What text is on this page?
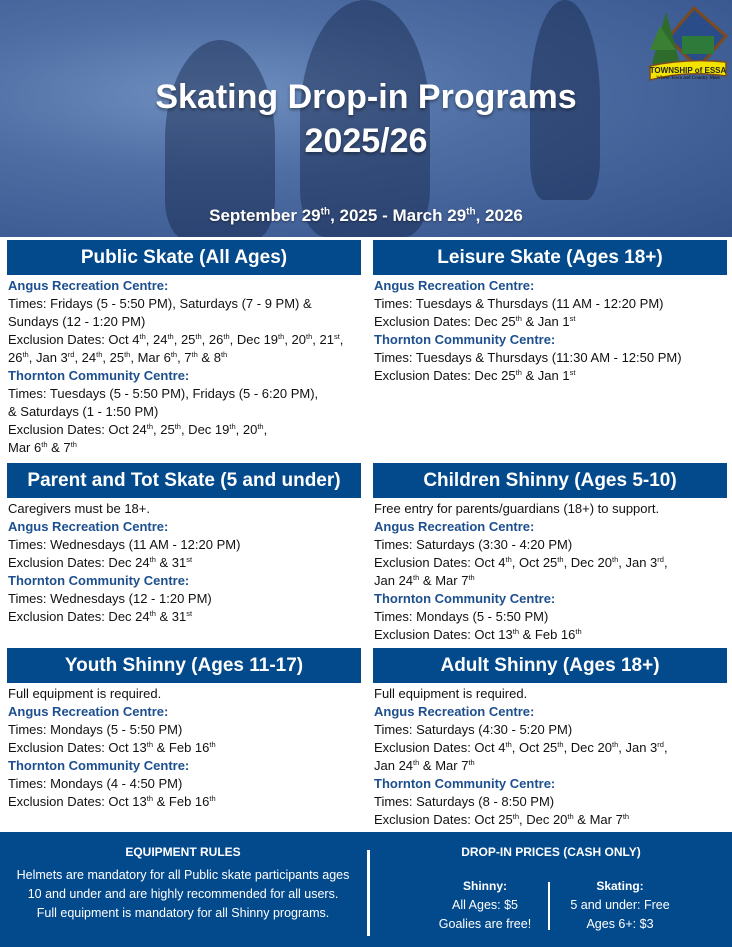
Skating Drop-in Programs
2025/26
September 29th, 2025 - March 29th, 2026
TOWNSHIP of ESSA
Where Town and Country Meet
Public Skate (All Ages)
Angus Recreation Centre:
Times: Fridays (5 - 5:50 PM), Saturdays (7 - 9 PM) &
Sundays (12 - 1:20 PM)
Exclusion Dates: Oct 4th, 24th, 25th, 26th, Dec 19th, 20th, 21st,
26th, Jan 3rd, 24th, 25th, Mar 6th, 7th & 8th
Thornton Community Centre:
Times: Tuesdays (5 - 5:50 PM), Fridays (5 - 6:20 PM),
& Saturdays (1 - 1:50 PM)
Exclusion Dates: Oct 24th, 25th, Dec 19th, 20th,
Mar 6th & 7th
Leisure Skate (Ages 18+)
Angus Recreation Centre:
Times: Tuesdays & Thursdays (11 AM - 12:20 PM)
Exclusion Dates: Dec 25th & Jan 1st
Thornton Community Centre:
Times: Tuesdays & Thursdays (11:30 AM - 12:50 PM)
Exclusion Dates: Dec 25th & Jan 1st
Parent and Tot Skate (5 and under)
Caregivers must be 18+.
Angus Recreation Centre:
Times: Wednesdays (11 AM - 12:20 PM)
Exclusion Dates: Dec 24th & 31st
Thornton Community Centre:
Times: Wednesdays (12 - 1:20 PM)
Exclusion Dates: Dec 24th & 31st
Children Shinny (Ages 5-10)
Free entry for parents/guardians (18+) to support.
Angus Recreation Centre:
Times: Saturdays (3:30 - 4:20 PM)
Exclusion Dates: Oct 4th, Oct 25th, Dec 20th, Jan 3rd,
Jan 24th & Mar 7th
Thornton Community Centre:
Times: Mondays (5 - 5:50 PM)
Exclusion Dates: Oct 13th & Feb 16th
Youth Shinny (Ages 11-17)
Full equipment is required.
Angus Recreation Centre:
Times: Mondays (5 - 5:50 PM)
Exclusion Dates: Oct 13th & Feb 16th
Thornton Community Centre:
Times: Mondays (4 - 4:50 PM)
Exclusion Dates: Oct 13th & Feb 16th
Adult Shinny (Ages 18+)
Full equipment is required.
Angus Recreation Centre:
Times: Saturdays (4:30 - 5:20 PM)
Exclusion Dates: Oct 4th, Oct 25th, Dec 20th, Jan 3rd,
Jan 24th & Mar 7th
Thornton Community Centre:
Times: Saturdays (8 - 8:50 PM)
Exclusion Dates: Oct 25th, Dec 20th & Mar 7th
EQUIPMENT RULES
Helmets are mandatory for all Public skate participants ages
10 and under and are highly recommended for all users.
Full equipment is mandatory for all Shinny programs.
DROP-IN PRICES (CASH ONLY)
Shinny:
All Ages: $5
Goalies are free!
Skating:
5 and under: Free
Ages 6+: $3
